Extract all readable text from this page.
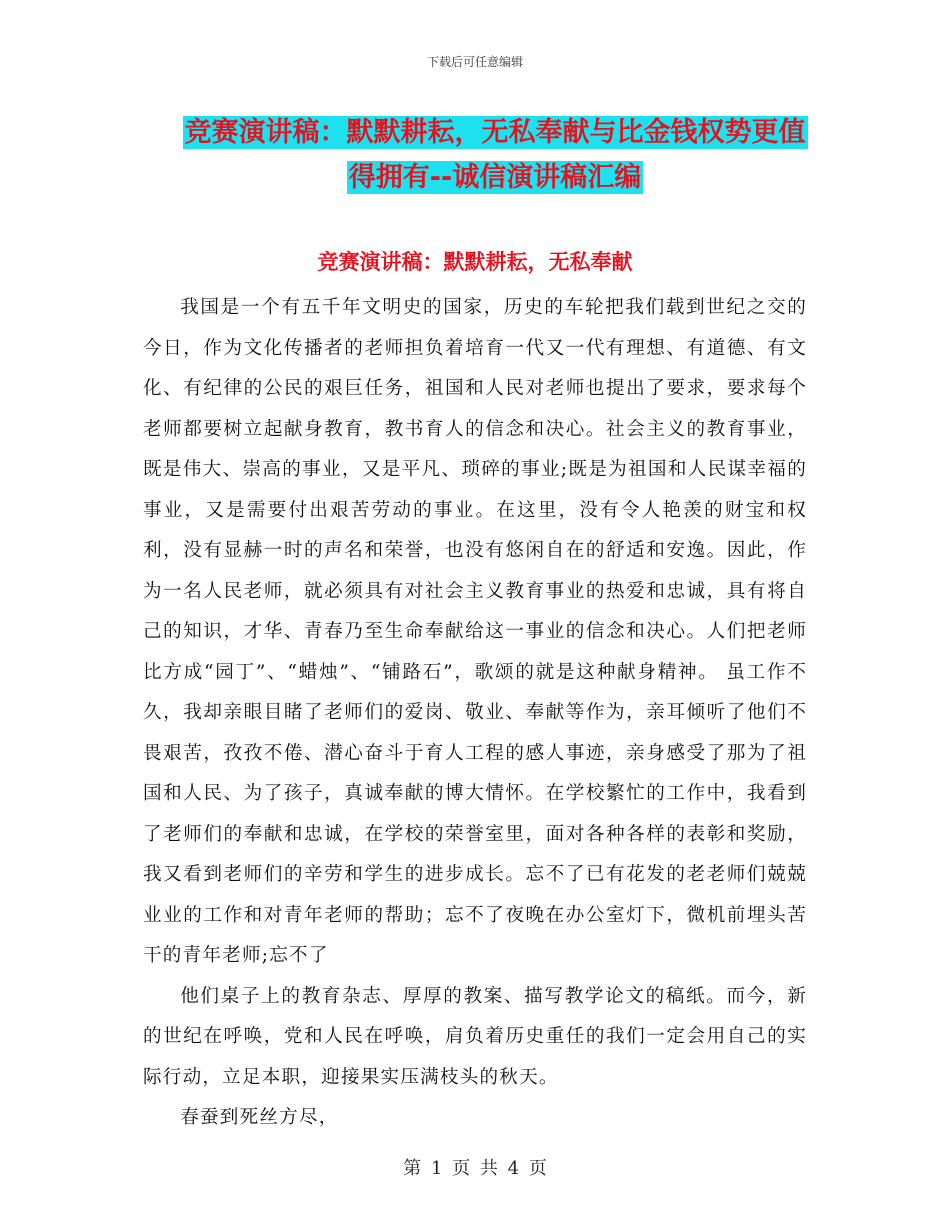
下载后可任意编辑
竞赛演讲稿：默默耕耘，无私奉献与比金钱权势更值
得拥有--诚信演讲稿汇编
竞赛演讲稿：默默耕耘，无私奉献

我国是一个有五千年文明史的国家，历史的车轮把我们载到世纪之交的今日，作为文化传播者的老师担负着培育一代又一代有理想、有道德、有文化、有纪律的公民的艰巨任务，祖国和人民对老师也提出了要求，要求每个老师都要树立起献身教育，教书育人的信念和决心。社会主义的教育事业，既是伟大、崇高的事业，又是平凡、琐碎的事业;既是为祖国和人民谋幸福的事业，又是需要付出艰苦劳动的事业。在这里，没有令人艳羡的财宝和权利，没有显赫一时的声名和荣誉，也没有悠闲自在的舒适和安逸。因此，作为一名人民老师，就必须具有对社会主义教育事业的热爱和忠诚，具有将自己的知识，才华、青春乃至生命奉献给这一事业的信念和决心。人们把老师比方成“园丁”、“蜡烛”、“铺路石”，歌颂的就是这种献身精神。 虽工作不久，我却亲眼目睹了老师们的爱岗、敬业、奉献等作为，亲耳倾听了他们不畏艰苦，孜孜不倦、潜心奋斗于育人工程的感人事迹，亲身感受了那为了祖国和人民、为了孩子，真诚奉献的博大情怀。在学校繁忙的工作中，我看到了老师们的奉献和忠诚，在学校的荣誉室里，面对各种各样的表彰和奖励，我又看到老师们的辛劳和学生的进步成长。忘不了已有花发的老老师们兢兢业业的工作和对青年老师的帮助；忘不了夜晚在办公室灯下，微机前埋头苦干的青年老师;忘不了

他们桌子上的教育杂志、厚厚的教案、描写教学论文的稿纸。而今，新的世纪在呼唤，党和人民在呼唤，肩负着历史重任的我们一定会用自己的实际行动，立足本职，迎接果实压满枝头的秋天。

春蚕到死丝方尽，

第 1 页 共 4 页
